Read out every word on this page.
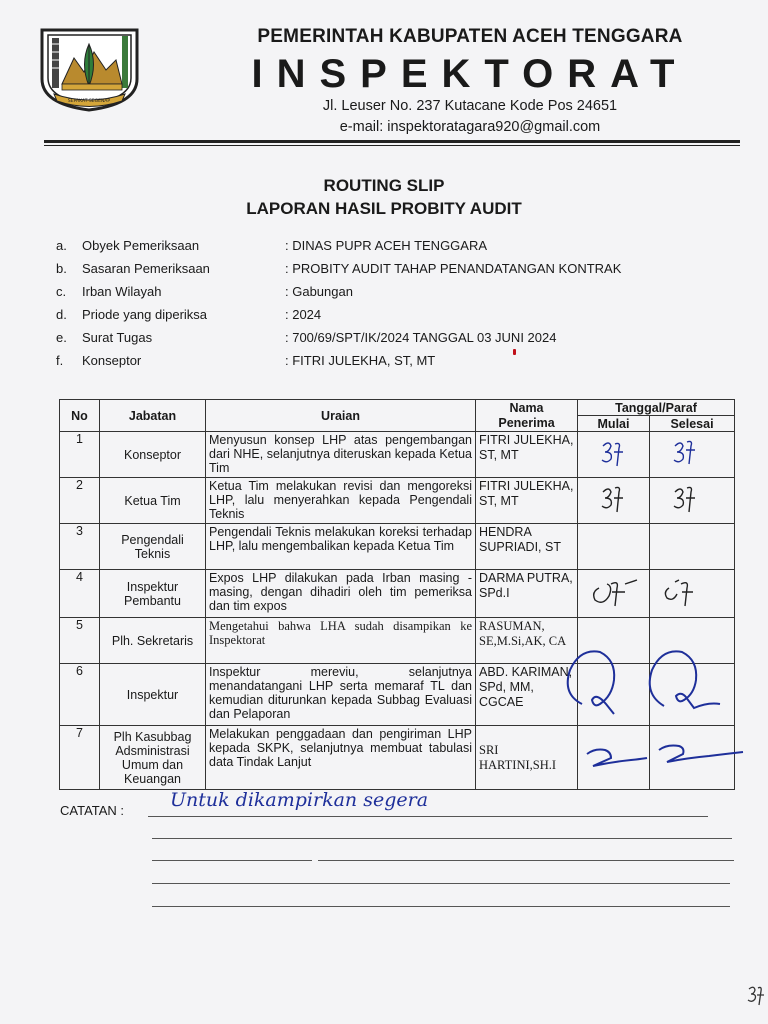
SEPAKAT SEGENAP
PEMERINTAH KABUPATEN ACEH TENGGARA
INSPEKTORAT
Jl. Leuser No. 237 Kutacane Kode Pos 24651
e-mail: inspektoratagara920@gmail.com
ROUTING SLIP
LAPORAN HASIL PROBITY AUDIT
a.	Obyek Pemeriksaan	: DINAS PUPR ACEH TENGGARA
b.	Sasaran Pemeriksaan	: PROBITY AUDIT TAHAP PENANDATANGAN KONTRAK
c.	Irban Wilayah	: Gabungan
d.	Priode yang diperiksa	: 2024
e.	Surat Tugas	: 700/69/SPT/IK/2024 TANGGAL 03 JUNI 2024
f.	Konseptor	: FITRI JULEKHA, ST, MT
No	Jabatan	Uraian	Nama	Tanggal/Paraf	
			Penerima	Mulai	Selesai
1	Konseptor	Menyusun konsep LHP atas pengembangan dari NHE, selanjutnya diteruskan kepada Ketua Tim	FITRI JULEKHA, ST, MT		
2	Ketua Tim	Ketua Tim melakukan revisi dan mengoreksi LHP, lalu menyerahkan kepada Pengendali Teknis	FITRI JULEKHA, ST, MT		
3	Pengendali Teknis	Pengendali Teknis melakukan koreksi terhadap LHP, lalu mengembalikan kepada Ketua Tim	HENDRA SUPRIADI, ST		
4	Inspektur Pembantu	Expos LHP dilakukan pada Irban masing - masing, dengan dihadiri oleh tim pemeriksa dan tim expos	DARMA PUTRA, SPd.I		
5	Plh. Sekretaris	Mengetahui bahwa LHA sudah disampikan ke Inspektorat	RASUMAN, SE,M.Si,AK, CA		
6	Inspektur	Inspektur mereviu, selanjutnya menandatangani LHP serta memaraf TL dan kemudian diturunkan kepada Subbag Evaluasi dan Pelaporan	ABD. KARIMAN, SPd, MM, CGCAE	

7	Plh Kasubbag Adsministrasi Umum dan Keuangan	Melakukan penggadaan dan pengiriman LHP kepada SKPK, selanjutnya membuat tabulasi data Tindak Lanjut	SRI HARTINI,SH.I		
CATATAN : Untuk dikampirkan segera
